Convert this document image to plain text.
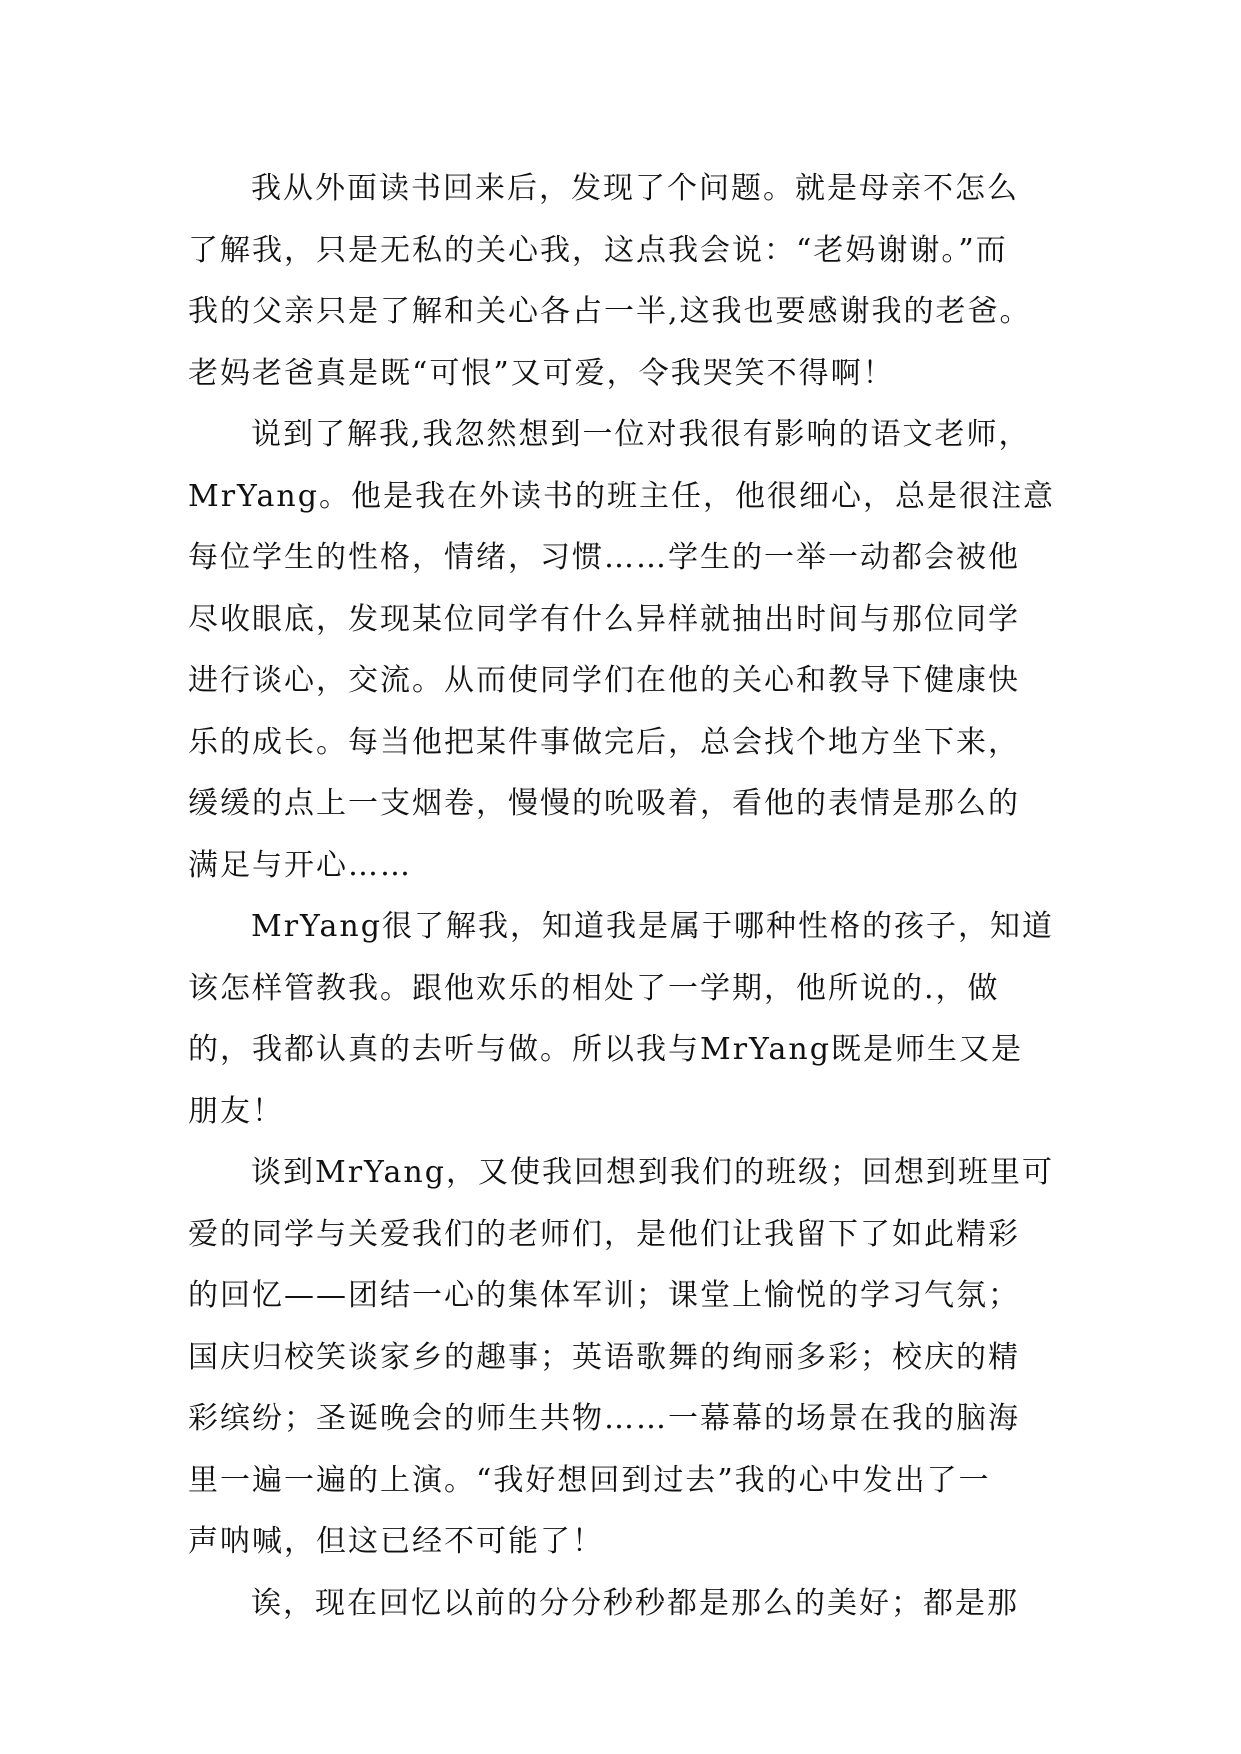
我从外面读书回来后，发现了个问题。就是母亲不怎么
了解我，只是无私的关心我，这点我会说：“老妈谢谢。”而
我的父亲只是了解和关心各占一半,这我也要感谢我的老爸。
老妈老爸真是既“可恨”又可爱，令我哭笑不得啊！
说到了解我,我忽然想到一位对我很有影响的语文老师，
MrYang。他是我在外读书的班主任，他很细心，总是很注意
每位学生的性格，情绪，习惯……学生的一举一动都会被他
尽收眼底，发现某位同学有什么异样就抽出时间与那位同学
进行谈心，交流。从而使同学们在他的关心和教导下健康快
乐的成长。每当他把某件事做完后，总会找个地方坐下来，
缓缓的点上一支烟卷，慢慢的吮吸着，看他的表情是那么的
满足与开心……
MrYang很了解我，知道我是属于哪种性格的孩子，知道
该怎样管教我。跟他欢乐的相处了一学期，他所说的.，做
的，我都认真的去听与做。所以我与MrYang既是师生又是
朋友！
谈到MrYang，又使我回想到我们的班级；回想到班里可
爱的同学与关爱我们的老师们，是他们让我留下了如此精彩
的回忆——团结一心的集体军训；课堂上愉悦的学习气氛；
国庆归校笑谈家乡的趣事；英语歌舞的绚丽多彩；校庆的精
彩缤纷；圣诞晚会的师生共物……一幕幕的场景在我的脑海
里一遍一遍的上演。“我好想回到过去”我的心中发出了一
声呐喊，但这已经不可能了！
诶，现在回忆以前的分分秒秒都是那么的美好；都是那
